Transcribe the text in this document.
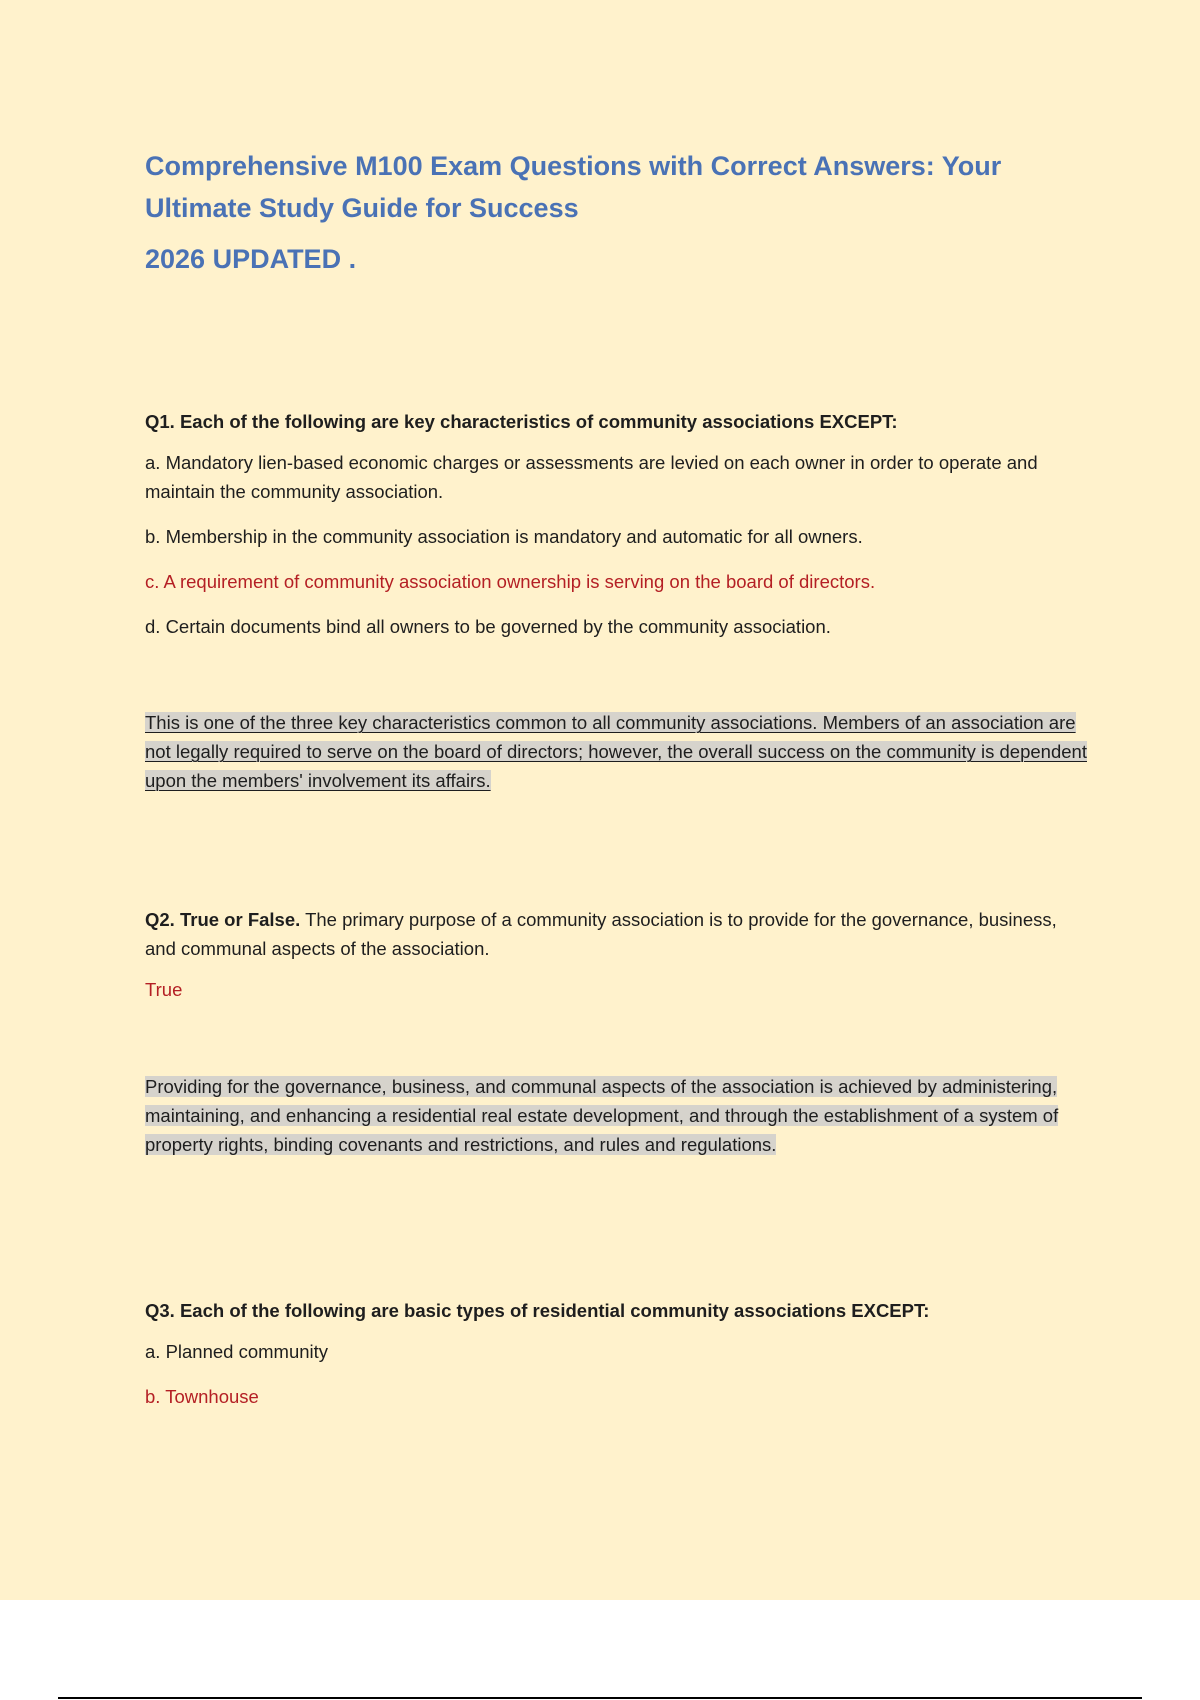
Comprehensive M100 Exam Questions with Correct Answers: Your Ultimate Study Guide for Success
2026 UPDATED .

Q1. Each of the following are key characteristics of community associations EXCEPT:

a. Mandatory lien-based economic charges or assessments are levied on each owner in order to operate and maintain the community association.

b. Membership in the community association is mandatory and automatic for all owners.

c. A requirement of community association ownership is serving on the board of directors.

d. Certain documents bind all owners to be governed by the community association.

This is one of the three key characteristics common to all community associations. Members of an association are not legally required to serve on the board of directors; however, the overall success on the community is dependent upon the members' involvement its affairs.

Q2. True or False. The primary purpose of a community association is to provide for the governance, business, and communal aspects of the association.

True

Providing for the governance, business, and communal aspects of the association is achieved by administering, maintaining, and enhancing a residential real estate development, and through the establishment of a system of property rights, binding covenants and restrictions, and rules and regulations.

Q3. Each of the following are basic types of residential community associations EXCEPT:

a. Planned community

b. Townhouse
